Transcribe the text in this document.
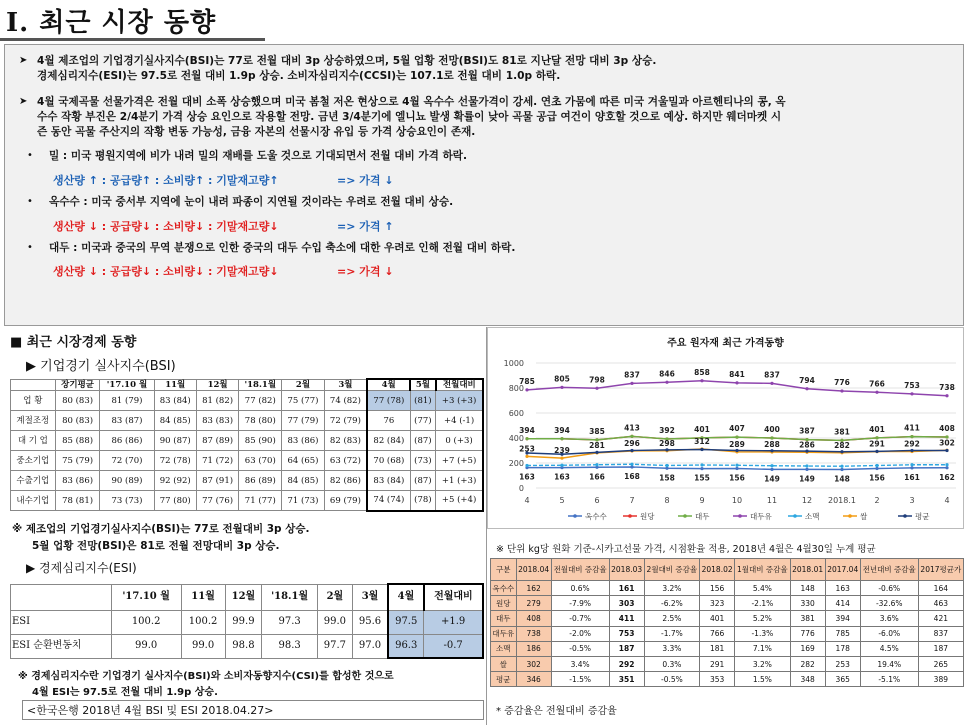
Ⅰ. 최근 시장 동향
➤ 4월 제조업의 기업경기실사지수(BSI)는 77로 전월 대비 3p 상승하였으며, 5월 업황 전망(BSI)도 81로 지난달 전망 대비 3p 상승.

경제심리지수(ESI)는 97.5로 전월 대비 1.9p 상승. 소비자심리지수(CCSI)는 107.1로 전월 대비 1.0p 하락.

➤ 4월 국제곡물 선물가격은 전월 대비 소폭 상승했으며 미국 봄철 저온 현상으로 4월 옥수수 선물가격이 강세. 연초 가뭄에 따른 미국 겨울밀과 아르헨티나의 콩, 옥

수수 작황 부진은 2/4분기 가격 상승 요인으로 작용할 전망. 금년 3/4분기에 엘니뇨 발생 확률이 낮아 곡물 공급 여건이 양호할 것으로 예상. 하지만 웨더마켓 시

즌 동안 곡물 주산지의 작황 변동 가능성, 금융 자본의 선물시장 유입 등 가격 상승요인이 존재.

• 밀 : 미국 평원지역에 비가 내려 밀의 재배를 도울 것으로 기대되면서 전월 대비 가격 하락.

생산량 ↑ : 공급량↑ : 소비량↑ : 기말재고량↑	=> 가격 ↓
• 옥수수 : 미국 중서부 지역에 눈이 내려 파종이 지연될 것이라는 우려로 전월 대비 상승.

생산량 ↓ : 공급량↓ : 소비량↓ : 기말재고량↓	=> 가격 ↑
• 대두 : 미국과 중국의 무역 분쟁으로 인한 중국의 대두 수입 축소에 대한 우려로 인해 전월 대비 하락.

생산량 ↓ : 공급량↓ : 소비량↓ : 기말재고량↓	=> 가격 ↓
■ 최근 시장경제 동향
▶ 기업경기 실사지수(BSI)
	장기평균	'17.10 월	11월	12월	'18.1월	2월	3월	4월	5월	전월대비
업 황	80 (83)	81 (79)	83 (84)	81 (82)	77 (82)	75 (77)	74 (82)	77 (78)	(81)	+3 (+3)
계절조정	80 (83)	83 (87)	84 (85)	83 (83)	78 (80)	77 (79)	72 (79)	76	(77)	+4 (-1)
대 기 업	85 (88)	86 (86)	90 (87)	87 (89)	85 (90)	83 (86)	82 (83)	82 (84)	(87)	0 (+3)
중소기업	75 (79)	72 (70)	72 (78)	71 (72)	63 (70)	64 (65)	63 (72)	70 (68)	(73)	+7 (+5)
수출기업	83 (86)	90 (89)	92 (92)	87 (91)	86 (89)	84 (85)	82 (86)	83 (84)	(87)	+1 (+3)
내수기업	78 (81)	73 (73)	77 (80)	77 (76)	71 (77)	71 (73)	69 (79)	74 (74)	(78)	+5 (+4)
※ 제조업의 기업경기실사지수(BSI)는 77로 전월대비 3p 상승.
5월 업황 전망(BSI)은 81로 전월 전망대비 3p 상승.
▶ 경제심리지수(ESI)
	'17.10 월	11월	12월	'18.1월	2월	3월	4월	전월대비
ESI	100.2	100.2	99.9	97.3	99.0	95.6	97.5	+1.9
ESI 순환변동치	99.0	99.0	98.8	98.3	97.7	97.0	96.3	-0.7
※ 경제심리지수란 기업경기 실사지수(BSI)와 소비자동향지수(CSI)를 합성한 것으로
4월 ESI는 97.5로 전월 대비 1.9p 상승.
<한국은행 2018년 4월 BSI 및 ESI 2018.04.27>
주요 원자재 최근 가격동향
0
200
400
600
800
1000
4	5	6	7	8	9	10	11	12 2018.1 2	3	4
785	805	798
837	846	858	841	837
794	776	766	753	738
394	394	385	413	392	401	407	400	387	381	401	411	408
253	239
281	296	298	312	289	288	286	282	291	292	302
163	163	166	168	158	155	156	149	149	148	156	161	162
옥수수	원당	대두	대두유	소맥	쌀	평균
※ 단위 kg당 원화 기준-시카고선물 가격, 시점환율 적용, 2018년 4월은 4월30일 누계 평균
구분	2018.04	전월대비 증감율	2018.03	2월대비 증감율	2018.02	1월대비 증감율	2018.01	2017.04	전년대비 증감율	2017평균가
옥수수	162	0.6%	161	3.2%	156	5.4%	148	163	-0.6%	164
원당	279	-7.9%	303	-6.2%	323	-2.1%	330	414	-32.6%	463
대두	408	-0.7%	411	2.5%	401	5.2%	381	394	3.6%	421
대두유	738	-2.0%	753	-1.7%	766	-1.3%	776	785	-6.0%	837
소맥	186	-0.5%	187	3.3%	181	7.1%	169	178	4.5%	187
쌀	302	3.4%	292	0.3%	291	3.2%	282	253	19.4%	265
평균	346	-1.5%	351	-0.5%	353	1.5%	348	365	-5.1%	389
* 증감율은 전월대비 증감율
